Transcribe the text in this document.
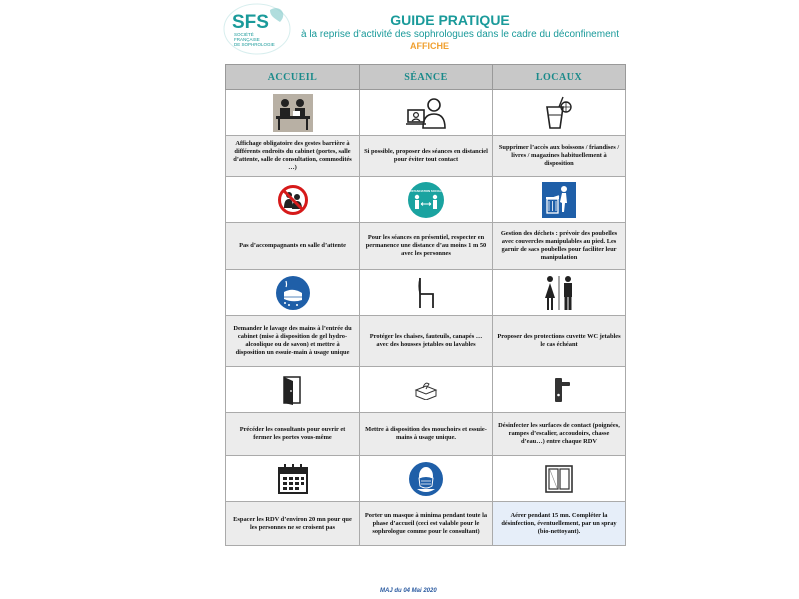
SFS
SOCIÉTÉ
FRANÇAISE
DE SOPHROLOGIE
GUIDE PRATIQUE
à la reprise d’activité des sophrologues dans le cadre du déconfinement
AFFICHE
ACCUEIL	SÉANCE	LOCAUX

Affichage obligatoire des gestes barrière à différents endroits du cabinet (portes, salle d’attente, salle de consultation, commodités …)	Si possible, proposer des séances en distanciel pour éviter tout contact	Supprimer l’accès aux boissons / friandises / livres / magazines habituellement à disposition

DISTANCIATION SOCIALE

Pas d’accompagnants en salle d’attente	Pour les séances en présentiel, respecter en permanence une distance d’au moins 1 m 50 avec les personnes	Gestion des déchets : prévoir des poubelles avec couvercles manipulables au pied. Les garnir de sacs poubelles pour faciliter leur manipulation

Demander le lavage des mains à l’entrée du cabinet (mise à disposition de gel hydro-alcoolique ou de savon) et mettre à disposition un essuie-main à usage unique	Protéger les chaises, fauteuils, canapés … avec des housses jetables ou lavables	Proposer des protections cuvette WC jetables le cas échéant

Précéder les consultants pour ouvrir et fermer les portes vous-même	Mettre à disposition des mouchoirs et essuie-mains à usage unique.	Désinfecter les surfaces de contact (poignées, rampes d’escalier, accoudoirs, chasse d’eau…) entre chaque RDV

Espacer les RDV d’environ 20 mn pour que les personnes ne se croisent pas	Porter un masque à minima pendant toute la phase d’accueil (ceci est valable pour le sophrologue comme pour le consultant)	Aérer pendant 15 mn. Compléter la désinfection, éventuellement, par un spray (bio-nettoyant).
MAJ du 04 Mai 2020
